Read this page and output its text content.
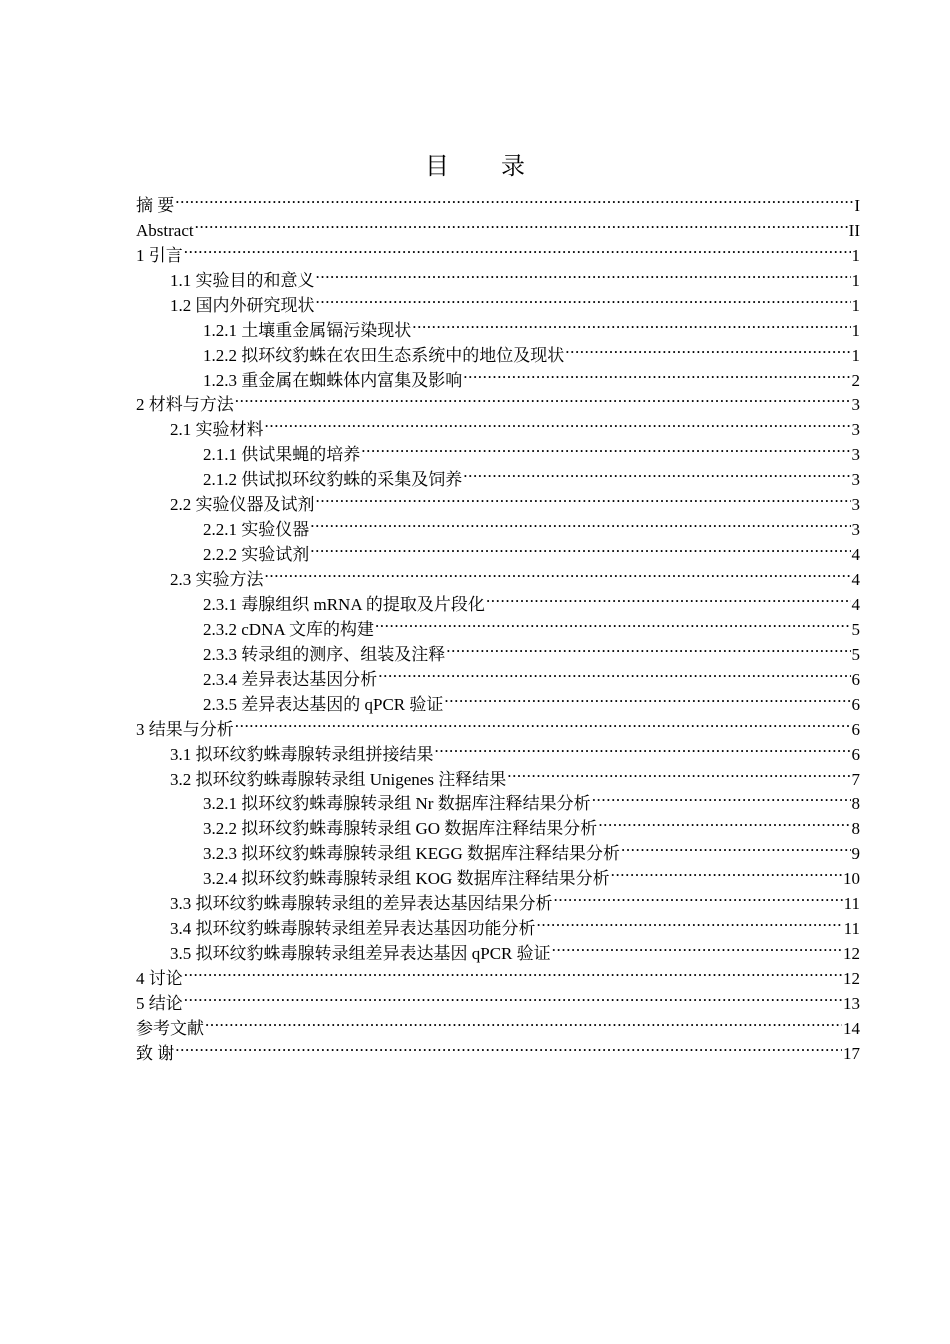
目 录
摘 要 .....	I
Abstract .....	II
1 引言 .....	1
1.1 实验目的和意义 .....	1
1.2 国内外研究现状 .....	1
1.2.1 土壤重金属镉污染现状 .....	1
1.2.2 拟环纹豹蛛在农田生态系统中的地位及现状 .....	1
1.2.3 重金属在蜘蛛体内富集及影响 .....	2
2 材料与方法 .....	3
2.1 实验材料 .....	3
2.1.1 供试果蝇的培养 .....	3
2.1.2 供试拟环纹豹蛛的采集及饲养 .....	3
2.2 实验仪器及试剂 .....	3
2.2.1 实验仪器 .....	3
2.2.2 实验试剂 .....	4
2.3 实验方法 .....	4
2.3.1 毒腺组织 mRNA 的提取及片段化 .....	4
2.3.2 cDNA 文库的构建 .....	5
2.3.3 转录组的测序、组装及注释 .....	5
2.3.4 差异表达基因分析 .....	6
2.3.5 差异表达基因的 qPCR 验证 .....	6
3 结果与分析 .....	6
3.1 拟环纹豹蛛毒腺转录组拼接结果 .....	6
3.2 拟环纹豹蛛毒腺转录组 Unigenes 注释结果 .....	7
3.2.1 拟环纹豹蛛毒腺转录组 Nr 数据库注释结果分析 .....	8
3.2.2 拟环纹豹蛛毒腺转录组 GO 数据库注释结果分析 .....	8
3.2.3 拟环纹豹蛛毒腺转录组 KEGG 数据库注释结果分析 .....	9
3.2.4 拟环纹豹蛛毒腺转录组 KOG 数据库注释结果分析 .....	10
3.3 拟环纹豹蛛毒腺转录组的差异表达基因结果分析 .....	11
3.4 拟环纹豹蛛毒腺转录组差异表达基因功能分析 .....	11
3.5 拟环纹豹蛛毒腺转录组差异表达基因 qPCR 验证 .....	12
4 讨论 .....	12
5 结论 .....	13
参考文献 .....	14
致 谢 .....	17
